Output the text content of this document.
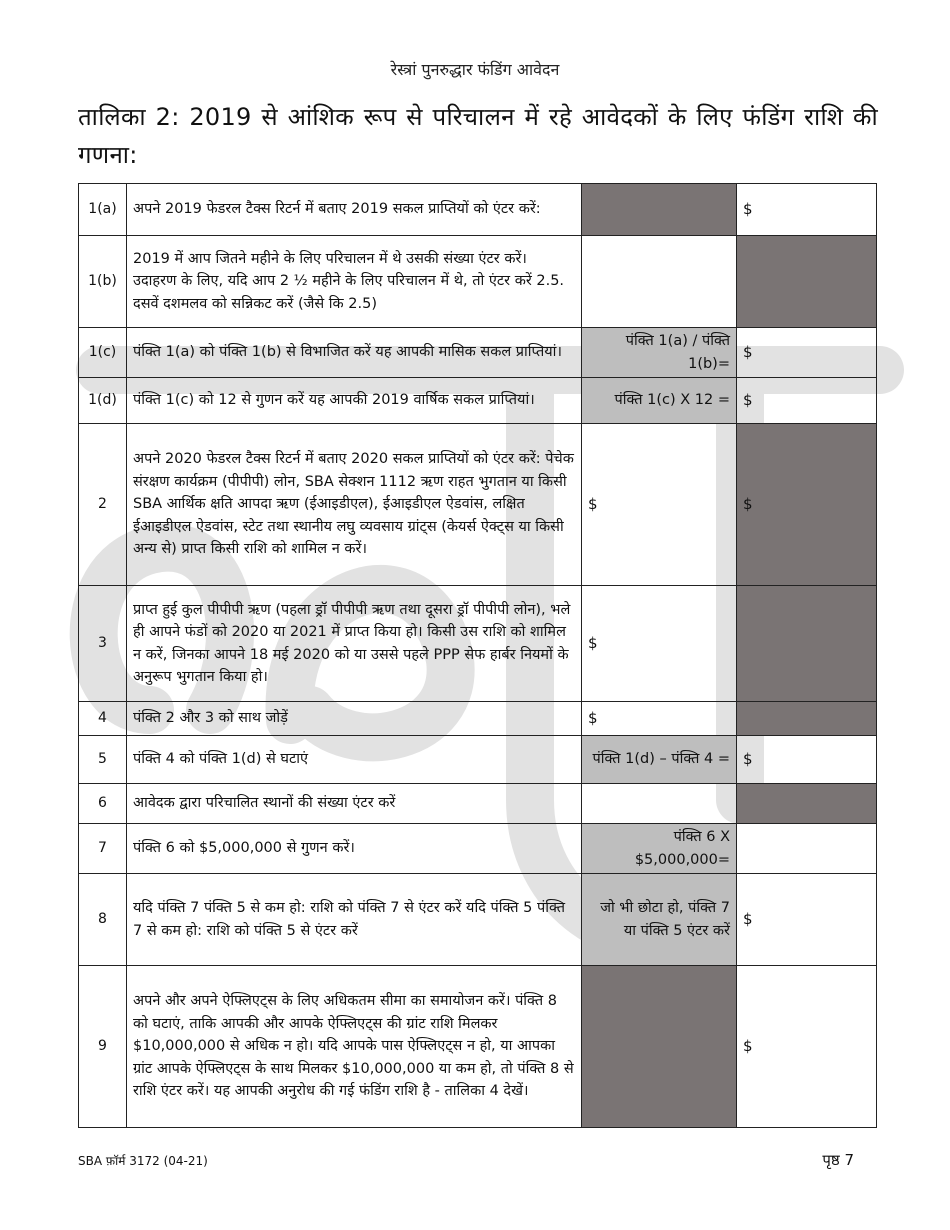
रेस्त्रां पुनरुद्धार फंडिंग आवेदन
तालिका 2: 2019 से आंशिक रूप से परिचालन में रहे आवेदकों के लिए फंडिंग राशि की गणना:
1(a)	अपने 2019 फेडरल टैक्स रिटर्न में बताए 2019 सकल प्राप्तियों को एंटर करें:		$
1(b)	2019 में आप जितने महीने के लिए परिचालन में थे उसकी संख्या एंटर करें। उदाहरण के लिए, यदि आप 2 ½ महीने के लिए परिचालन में थे, तो एंटर करें 2.5. दसवें दशमलव को सन्निकट करें (जैसे कि 2.5)		
1(c)	पंक्ति 1(a) को पंक्ति 1(b) से विभाजित करें यह आपकी मासिक सकल प्राप्तियां।	पंक्ति 1(a) / पंक्ति 1(b)=	$
1(d)	पंक्ति 1(c) को 12 से गुणन करें यह आपकी 2019 वार्षिक सकल प्राप्तियां।	पंक्ति 1(c) X 12 =	$
2	अपने 2020 फेडरल टैक्स रिटर्न में बताए 2020 सकल प्राप्तियों को एंटर करें: पेचेक संरक्षण कार्यक्रम (पीपीपी) लोन, SBA सेक्शन 1112 ऋण राहत भुगतान या किसी SBA आर्थिक क्षति आपदा ऋण (ईआइडीएल), ईआइडीएल ऐडवांस, लक्षित ईआइडीएल ऐडवांस, स्टेट तथा स्थानीय लघु व्यवसाय ग्रांट्स (केयर्स ऐक्ट्स या किसी अन्य से) प्राप्त किसी राशि को शामिल न करें।	$	$
3	प्राप्त हुई कुल पीपीपी ऋण (पहला ड्रॉ पीपीपी ऋण तथा दूसरा ड्रॉ पीपीपी लोन), भले ही आपने फंडों को 2020 या 2021 में प्राप्त किया हो। किसी उस राशि को शामिल न करें, जिनका आपने 18 मई 2020 को या उससे पहले PPP सेफ हार्बर नियमों के अनुरूप भुगतान किया हो।	$	
4	पंक्ति 2 और 3 को साथ जोड़ें	$	
5	पंक्ति 4 को पंक्ति 1(d) से घटाएं	पंक्ति 1(d) – पंक्ति 4 =	$
6	आवेदक द्वारा परिचालित स्थानों की संख्या एंटर करें		
7	पंक्ति 6 को $5,000,000 से गुणन करें।	पंक्ति 6 X $5,000,000=	
8	यदि पंक्ति 7 पंक्ति 5 से कम हो: राशि को पंक्ति 7 से एंटर करें यदि पंक्ति 5 पंक्ति 7 से कम हो: राशि को पंक्ति 5 से एंटर करें	जो भी छोटा हो, पंक्ति 7 या पंक्ति 5 एंटर करें	$
9	अपने और अपने ऐफ्लिएट्स के लिए अधिकतम सीमा का समायोजन करें। पंक्ति 8 को घटाएं, ताकि आपकी और आपके ऐफ्लिएट्स की ग्रांट राशि मिलकर $10,000,000 से अधिक न हो। यदि आपके पास ऐफ्लिएट्स न हो, या आपका ग्रांट आपके ऐफ्लिएट्स के साथ मिलकर $10,000,000 या कम हो, तो पंक्ति 8 से राशि एंटर करें। यह आपकी अनुरोध की गई फंडिंग राशि है - तालिका 4 देखें।		$
SBA फ़ॉर्म 3172 (04-21)	पृष्ठ 7
